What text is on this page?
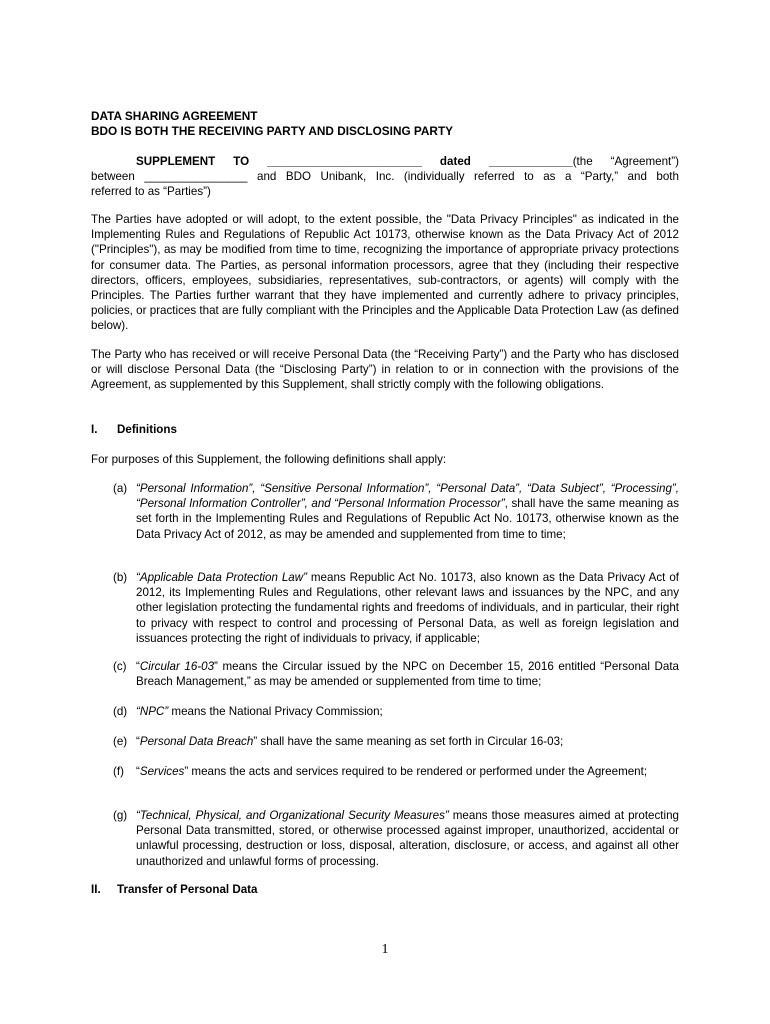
DATA SHARING AGREEMENT
BDO IS BOTH THE RECEIVING PARTY AND DISCLOSING PARTY
SUPPLEMENT TO ________________________ dated _____________(the “Agreement”)
between ________________ and BDO Unibank, Inc. (individually referred to as a “Party,” and both
referred to as “Parties”)
The Parties have adopted or will adopt, to the extent possible, the "Data Privacy Principles" as indicated in the Implementing Rules and Regulations of Republic Act 10173, otherwise known as the Data Privacy Act of 2012 ("Principles"), as may be modified from time to time, recognizing the importance of appropriate privacy protections for consumer data. The Parties, as personal information processors, agree that they (including their respective directors, officers, employees, subsidiaries, representatives, sub-contractors, or agents) will comply with the Principles. The Parties further warrant that they have implemented and currently adhere to privacy principles, policies, or practices that are fully compliant with the Principles and the Applicable Data Protection Law (as defined below).
The Party who has received or will receive Personal Data (the “Receiving Party”) and the Party who has disclosed or will disclose Personal Data (the “Disclosing Party”) in relation to or in connection with the provisions of the Agreement, as supplemented by this Supplement, shall strictly comply with the following obligations.
I. Definitions
For purposes of this Supplement, the following definitions shall apply:
(a) “Personal Information”, “Sensitive Personal Information”, “Personal Data”, “Data Subject”, “Processing”, “Personal Information Controller”, and “Personal Information Processor”, shall have the same meaning as set forth in the Implementing Rules and Regulations of Republic Act No. 10173, otherwise known as the Data Privacy Act of 2012, as may be amended and supplemented from time to time;
(b) “Applicable Data Protection Law” means Republic Act No. 10173, also known as the Data Privacy Act of 2012, its Implementing Rules and Regulations, other relevant laws and issuances by the NPC, and any other legislation protecting the fundamental rights and freedoms of individuals, and in particular, their right to privacy with respect to control and processing of Personal Data, as well as foreign legislation and issuances protecting the right of individuals to privacy, if applicable;
(c) “Circular 16-03” means the Circular issued by the NPC on December 15, 2016 entitled “Personal Data Breach Management,” as may be amended or supplemented from time to time;
(d) “NPC” means the National Privacy Commission;
(e) “Personal Data Breach” shall have the same meaning as set forth in Circular 16-03;
(f) “Services” means the acts and services required to be rendered or performed under the Agreement;
(g) “Technical, Physical, and Organizational Security Measures” means those measures aimed at protecting Personal Data transmitted, stored, or otherwise processed against improper, unauthorized, accidental or unlawful processing, destruction or loss, disposal, alteration, disclosure, or access, and against all other unauthorized and unlawful forms of processing.
II. Transfer of Personal Data
1
